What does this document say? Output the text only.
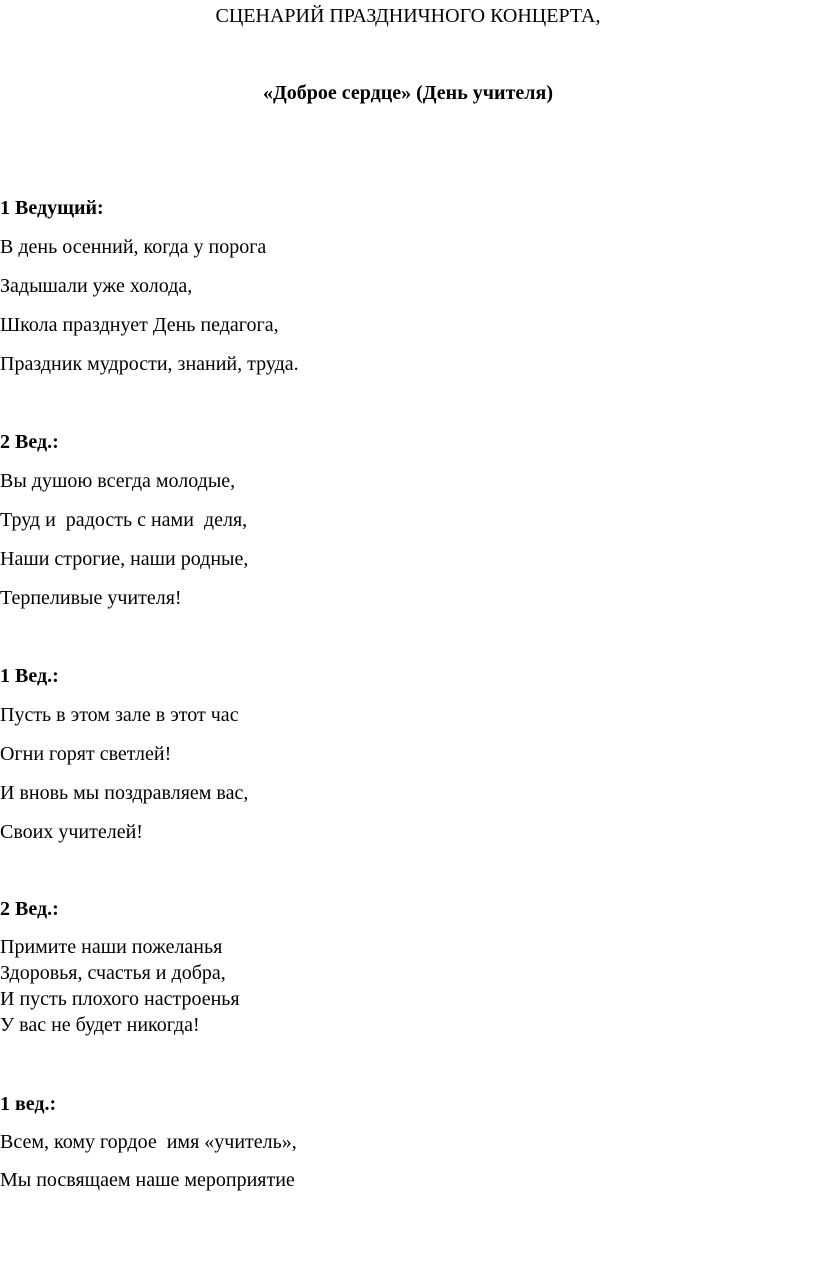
СЦЕНАРИЙ ПРАЗДНИЧНОГО КОНЦЕРТА,
«Доброе сердце» (День учителя)
1 Ведущий:
В день осенний, когда у порога
Задышали уже холода,
Школа празднует День педагога,
Праздник мудрости, знаний, труда.
2 Вед.:
Вы душою всегда молодые,
Труд и  радость с нами  деля,
Наши строгие, наши родные,
Терпеливые учителя!
1 Вед.:
Пусть в этом зале в этот час
Огни горят светлей!
И вновь мы поздравляем вас,
Своих учителей!
2 Вед.:
Примите наши пожеланья
Здоровья, счастья и добра,
И пусть плохого настроенья
У вас не будет никогда!
1 вед.:
Всем, кому гордое  имя «учитель»,
Мы посвящаем наше мероприятие
